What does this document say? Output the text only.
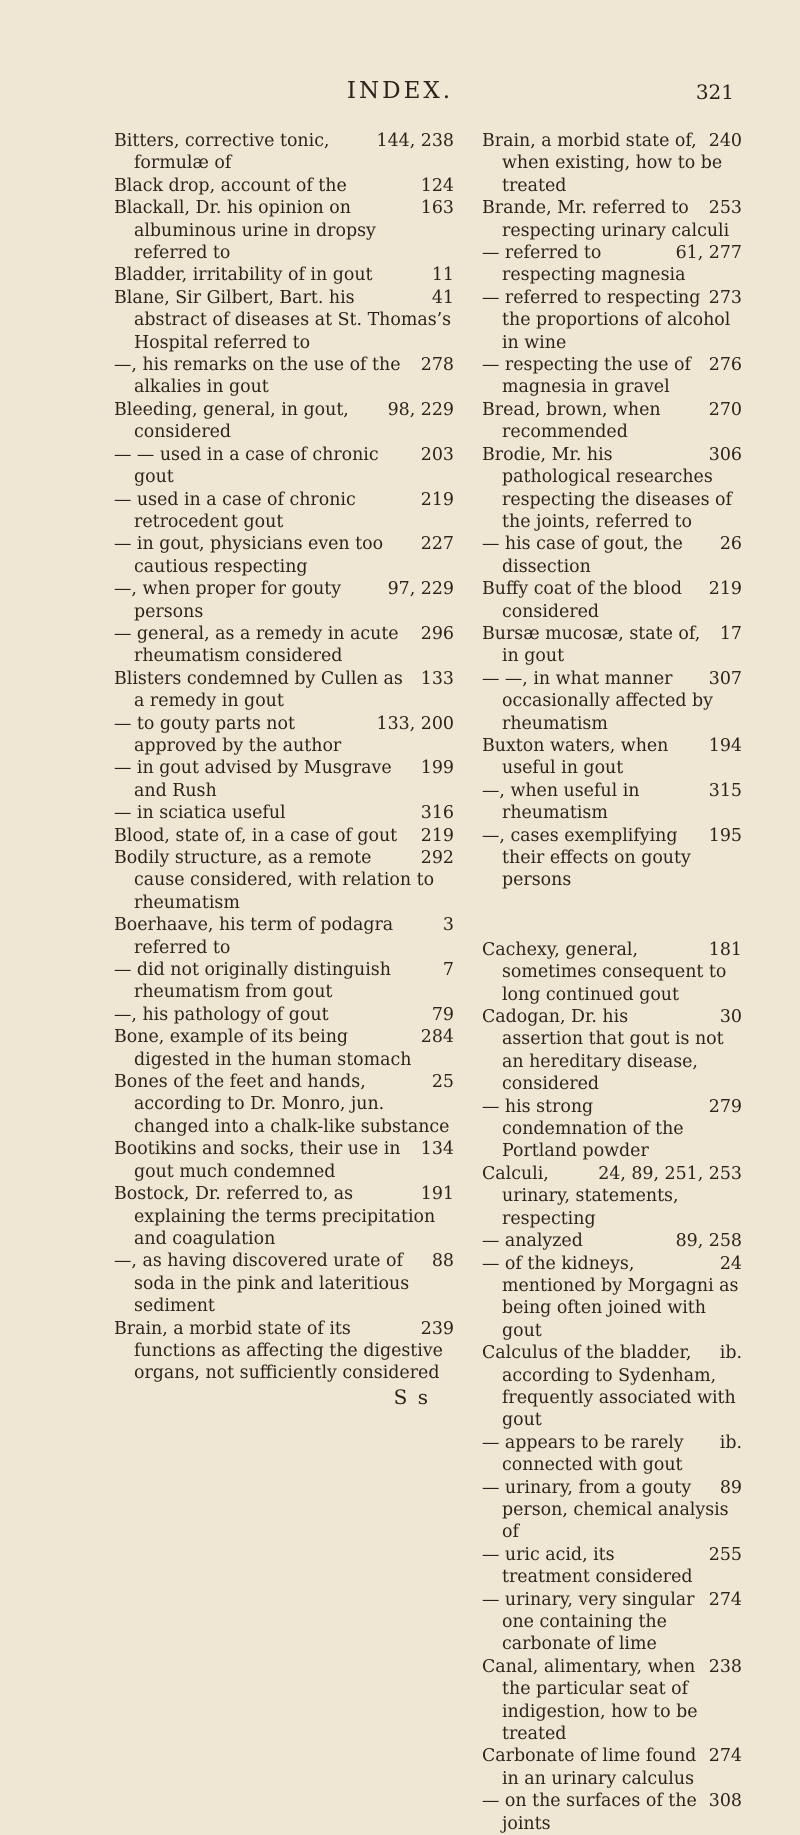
INDEX.	321
144, 238
Bitters, corrective tonic, formulæ of
124
Black drop, account of the
163
Blackall, Dr. his opinion on albuminous urine in dropsy referred to
11
Bladder, irritability of in gout
41
Blane, Sir Gilbert, Bart. his abstract of diseases at St. Thomas’s Hospital referred to
278
—, his remarks on the use of the alkalies in gout
98, 229
Bleeding, general, in gout, considered
203
— — used in a case of chronic gout
219
— used in a case of chronic retrocedent gout
227
— in gout, physicians even too cautious respecting
97, 229
—, when proper for gouty persons
296
— general, as a remedy in acute rheumatism considered
133
Blisters condemned by Cullen as a remedy in gout
133, 200
— to gouty parts not approved by the author
199
— in gout advised by Musgrave and Rush
316
— in sciatica useful
219
Blood, state of, in a case of gout
292
Bodily structure, as a remote cause considered, with relation to rheumatism
3
Boerhaave, his term of podagra referred to
7
— did not originally distinguish rheumatism from gout
79
—, his pathology of gout
284
Bone, example of its being digested in the human stomach
25
Bones of the feet and hands, according to Dr. Monro, jun. changed into a chalk-like substance
134
Bootikins and socks, their use in gout much condemned
191
Bostock, Dr. referred to, as explaining the terms precipitation and coagulation
88
—, as having discovered urate of soda in the pink and lateritious sediment
239
Brain, a morbid state of its functions as affecting the digestive organs, not sufficiently considered
S s
240
Brain, a morbid state of, when existing, how to be treated
253
Brande, Mr. referred to respecting urinary calculi
61, 277
— referred to respecting magnesia
273
— referred to respecting the proportions of alcohol in wine
276
— respecting the use of magnesia in gravel
270
Bread, brown, when recommended
306
Brodie, Mr. his pathological researches respecting the diseases of the joints, referred to
26
— his case of gout, the dissection
219
Buffy coat of the blood considered
17
Bursæ mucosæ, state of, in gout
307
— —, in what manner occasionally affected by rheumatism
194
Buxton waters, when useful in gout
315
—, when useful in rheumatism
195
—, cases exemplifying their effects on gouty persons
181
Cachexy, general, sometimes consequent to long continued gout
30
Cadogan, Dr. his assertion that gout is not an hereditary disease, considered
279
— his strong condemnation of the Portland powder
24, 89, 251, 253
Calculi, urinary, statements, respecting
89, 258
— analyzed
24
— of the kidneys, mentioned by Morgagni as being often joined with gout
ib.
Calculus of the bladder, according to Sydenham, frequently associated with gout
ib.
— appears to be rarely connected with gout
89
— urinary, from a gouty person, chemical analysis of
255
— uric acid, its treatment considered
274
— urinary, very singular one containing the carbonate of lime
238
Canal, alimentary, when the particular seat of indigestion, how to be treated
274
Carbonate of lime found in an urinary calculus
308
— on the surfaces of the joints
